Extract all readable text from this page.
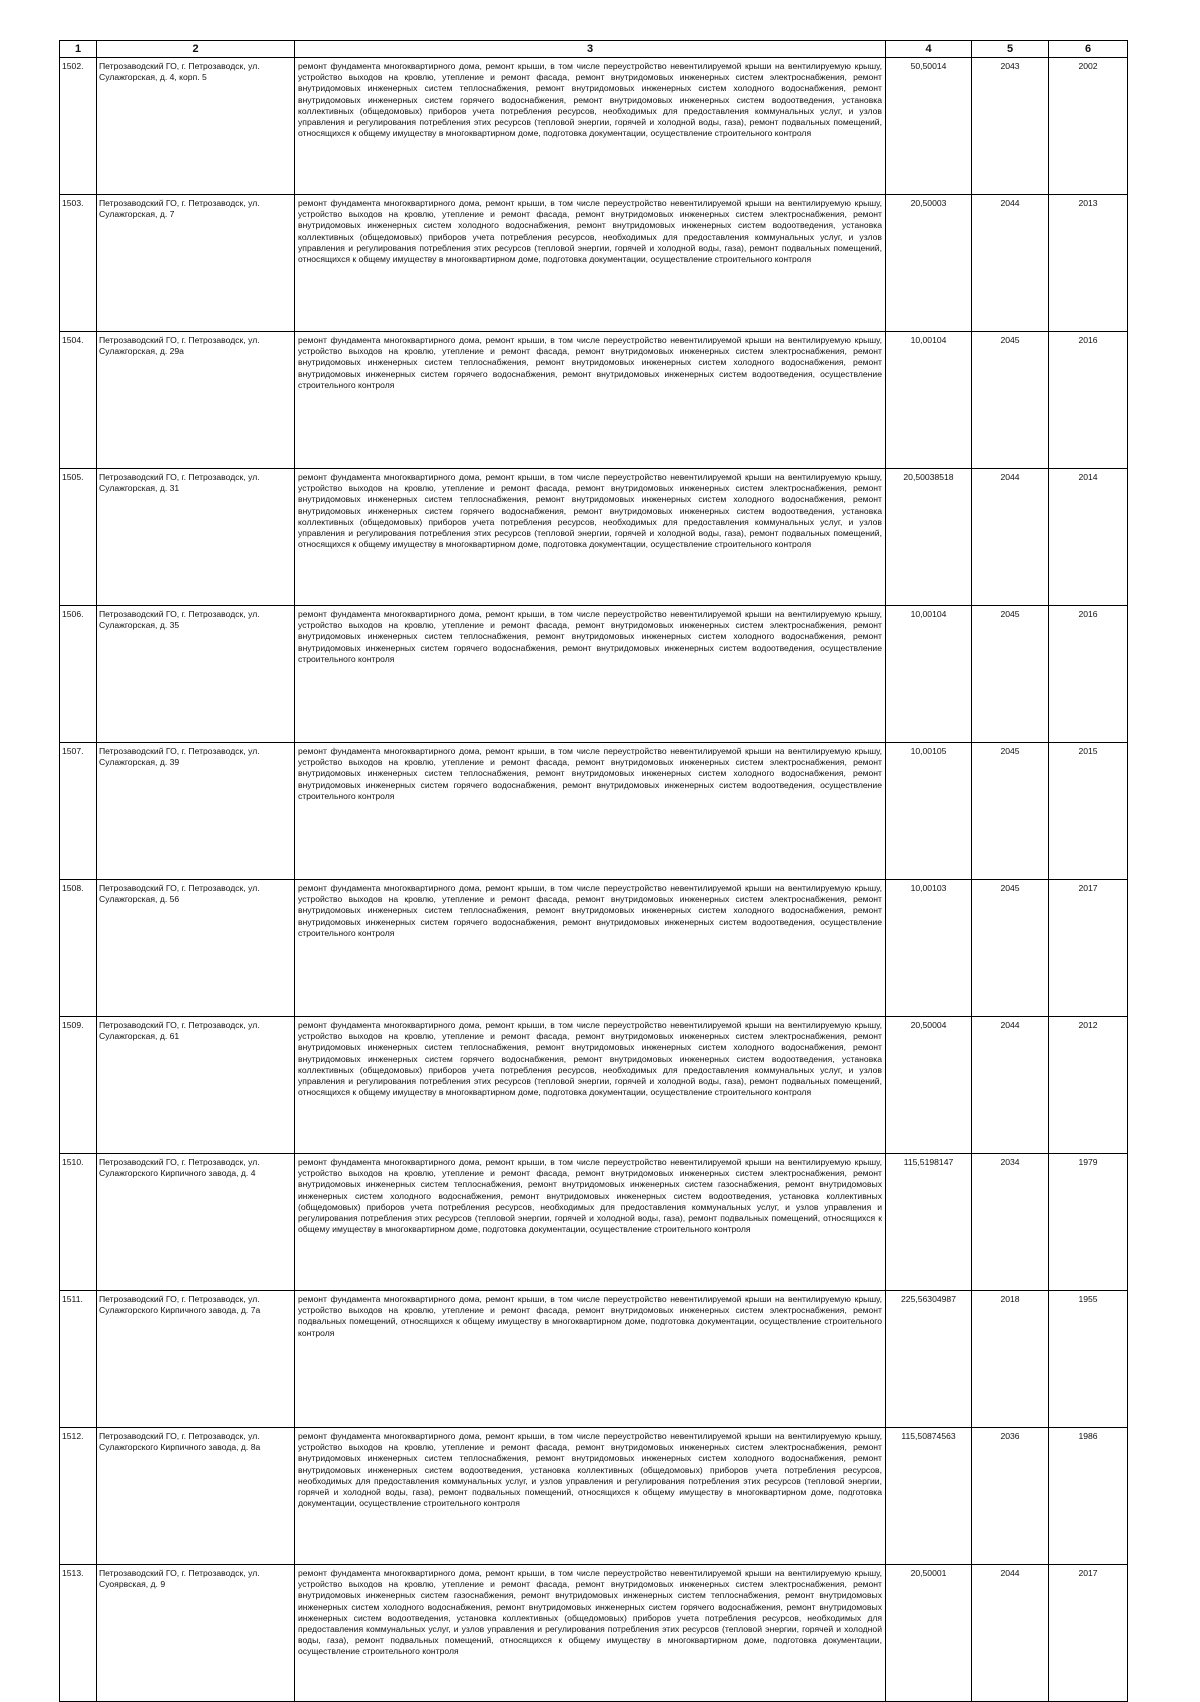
1	2	3	4	5	6
1502.	Петрозаводский ГО, г. Петрозаводск, ул. Сулажгорская, д. 4, корп. 5	ремонт фундамента многоквартирного дома, ремонт крыши, в том числе переустройство невентилируемой крыши на вентилируемую крышу, устройство выходов на кровлю, утепление и ремонт фасада, ремонт внутридомовых инженерных систем электроснабжения, ремонт внутридомовых инженерных систем теплоснабжения, ремонт внутридомовых инженерных систем холодного водоснабжения, ремонт внутридомовых инженерных систем горячего водоснабжения, ремонт внутридомовых инженерных систем водоотведения, установка коллективных (общедомовых) приборов учета потребления ресурсов, необходимых для предоставления коммунальных услуг, и узлов управления и регулирования потребления этих ресурсов (тепловой энергии, горячей и холодной воды, газа), ремонт подвальных помещений, относящихся к общему имуществу в многоквартирном доме, подготовка документации, осуществление строительного контроля	50,50014	2043	2002
1503.	Петрозаводский ГО, г. Петрозаводск, ул. Сулажгорская, д. 7	ремонт фундамента многоквартирного дома, ремонт крыши, в том числе переустройство невентилируемой крыши на вентилируемую крышу, устройство выходов на кровлю, утепление и ремонт фасада, ремонт внутридомовых инженерных систем электроснабжения, ремонт внутридомовых инженерных систем холодного водоснабжения, ремонт внутридомовых инженерных систем водоотведения, установка коллективных (общедомовых) приборов учета потребления ресурсов, необходимых для предоставления коммунальных услуг, и узлов управления и регулирования потребления этих ресурсов (тепловой энергии, горячей и холодной воды, газа), ремонт подвальных помещений, относящихся к общему имуществу в многоквартирном доме, подготовка документации, осуществление строительного контроля	20,50003	2044	2013
1504.	Петрозаводский ГО, г. Петрозаводск, ул. Сулажгорская, д. 29а	ремонт фундамента многоквартирного дома, ремонт крыши, в том числе переустройство невентилируемой крыши на вентилируемую крышу, устройство выходов на кровлю, утепление и ремонт фасада, ремонт внутридомовых инженерных систем электроснабжения, ремонт внутридомовых инженерных систем теплоснабжения, ремонт внутридомовых инженерных систем холодного водоснабжения, ремонт внутридомовых инженерных систем горячего водоснабжения, ремонт внутридомовых инженерных систем водоотведения, осуществление строительного контроля	10,00104	2045	2016
1505.	Петрозаводский ГО, г. Петрозаводск, ул. Сулажгорская, д. 31	ремонт фундамента многоквартирного дома, ремонт крыши, в том числе переустройство невентилируемой крыши на вентилируемую крышу, устройство выходов на кровлю, утепление и ремонт фасада, ремонт внутридомовых инженерных систем электроснабжения, ремонт внутридомовых инженерных систем теплоснабжения, ремонт внутридомовых инженерных систем холодного водоснабжения, ремонт внутридомовых инженерных систем горячего водоснабжения, ремонт внутридомовых инженерных систем водоотведения, установка коллективных (общедомовых) приборов учета потребления ресурсов, необходимых для предоставления коммунальных услуг, и узлов управления и регулирования потребления этих ресурсов (тепловой энергии, горячей и холодной воды, газа), ремонт подвальных помещений, относящихся к общему имуществу в многоквартирном доме, подготовка документации, осуществление строительного контроля	20,50038518	2044	2014
1506.	Петрозаводский ГО, г. Петрозаводск, ул. Сулажгорская, д. 35	ремонт фундамента многоквартирного дома, ремонт крыши, в том числе переустройство невентилируемой крыши на вентилируемую крышу, устройство выходов на кровлю, утепление и ремонт фасада, ремонт внутридомовых инженерных систем электроснабжения, ремонт внутридомовых инженерных систем теплоснабжения, ремонт внутридомовых инженерных систем холодного водоснабжения, ремонт внутридомовых инженерных систем горячего водоснабжения, ремонт внутридомовых инженерных систем водоотведения, осуществление строительного контроля	10,00104	2045	2016
1507.	Петрозаводский ГО, г. Петрозаводск, ул. Сулажгорская, д. 39	ремонт фундамента многоквартирного дома, ремонт крыши, в том числе переустройство невентилируемой крыши на вентилируемую крышу, устройство выходов на кровлю, утепление и ремонт фасада, ремонт внутридомовых инженерных систем электроснабжения, ремонт внутридомовых инженерных систем теплоснабжения, ремонт внутридомовых инженерных систем холодного водоснабжения, ремонт внутридомовых инженерных систем горячего водоснабжения, ремонт внутридомовых инженерных систем водоотведения, осуществление строительного контроля	10,00105	2045	2015
1508.	Петрозаводский ГО, г. Петрозаводск, ул. Сулажгорская, д. 56	ремонт фундамента многоквартирного дома, ремонт крыши, в том числе переустройство невентилируемой крыши на вентилируемую крышу, устройство выходов на кровлю, утепление и ремонт фасада, ремонт внутридомовых инженерных систем электроснабжения, ремонт внутридомовых инженерных систем теплоснабжения, ремонт внутридомовых инженерных систем холодного водоснабжения, ремонт внутридомовых инженерных систем горячего водоснабжения, ремонт внутридомовых инженерных систем водоотведения, осуществление строительного контроля	10,00103	2045	2017
1509.	Петрозаводский ГО, г. Петрозаводск, ул. Сулажгорская, д. 61	ремонт фундамента многоквартирного дома, ремонт крыши, в том числе переустройство невентилируемой крыши на вентилируемую крышу, устройство выходов на кровлю, утепление и ремонт фасада, ремонт внутридомовых инженерных систем электроснабжения, ремонт внутридомовых инженерных систем теплоснабжения, ремонт внутридомовых инженерных систем холодного водоснабжения, ремонт внутридомовых инженерных систем горячего водоснабжения, ремонт внутридомовых инженерных систем водоотведения, установка коллективных (общедомовых) приборов учета потребления ресурсов, необходимых для предоставления коммунальных услуг, и узлов управления и регулирования потребления этих ресурсов (тепловой энергии, горячей и холодной воды, газа), ремонт подвальных помещений, относящихся к общему имуществу в многоквартирном доме, подготовка документации, осуществление строительного контроля	20,50004	2044	2012
1510.	Петрозаводский ГО, г. Петрозаводск, ул. Сулажгорского Кирпичного завода, д. 4	ремонт фундамента многоквартирного дома, ремонт крыши, в том числе переустройство невентилируемой крыши на вентилируемую крышу, устройство выходов на кровлю, утепление и ремонт фасада, ремонт внутридомовых инженерных систем электроснабжения, ремонт внутридомовых инженерных систем теплоснабжения, ремонт внутридомовых инженерных систем газоснабжения, ремонт внутридомовых инженерных систем холодного водоснабжения, ремонт внутридомовых инженерных систем водоотведения, установка коллективных (общедомовых) приборов учета потребления ресурсов, необходимых для предоставления коммунальных услуг, и узлов управления и регулирования потребления этих ресурсов (тепловой энергии, горячей и холодной воды, газа), ремонт подвальных помещений, относящихся к общему имуществу в многоквартирном доме, подготовка документации, осуществление строительного контроля	115,5198147	2034	1979
1511.	Петрозаводский ГО, г. Петрозаводск, ул. Сулажгорского Кирпичного завода, д. 7а	ремонт фундамента многоквартирного дома, ремонт крыши, в том числе переустройство невентилируемой крыши на вентилируемую крышу, устройство выходов на кровлю, утепление и ремонт фасада, ремонт внутридомовых инженерных систем электроснабжения, ремонт подвальных помещений, относящихся к общему имуществу в многоквартирном доме, подготовка документации, осуществление строительного контроля	225,56304987	2018	1955
1512.	Петрозаводский ГО, г. Петрозаводск, ул. Сулажгорского Кирпичного завода, д. 8а	ремонт фундамента многоквартирного дома, ремонт крыши, в том числе переустройство невентилируемой крыши на вентилируемую крышу, устройство выходов на кровлю, утепление и ремонт фасада, ремонт внутридомовых инженерных систем электроснабжения, ремонт внутридомовых инженерных систем теплоснабжения, ремонт внутридомовых инженерных систем холодного водоснабжения, ремонт внутридомовых инженерных систем водоотведения, установка коллективных (общедомовых) приборов учета потребления ресурсов, необходимых для предоставления коммунальных услуг, и узлов управления и регулирования потребления этих ресурсов (тепловой энергии, горячей и холодной воды, газа), ремонт подвальных помещений, относящихся к общему имуществу в многоквартирном доме, подготовка документации, осуществление строительного контроля	115,50874563	2036	1986
1513.	Петрозаводский ГО, г. Петрозаводск, ул. Суоярвская, д. 9	ремонт фундамента многоквартирного дома, ремонт крыши, в том числе переустройство невентилируемой крыши на вентилируемую крышу, устройство выходов на кровлю, утепление и ремонт фасада, ремонт внутридомовых инженерных систем электроснабжения, ремонт внутридомовых инженерных систем газоснабжения, ремонт внутридомовых инженерных систем теплоснабжения, ремонт внутридомовых инженерных систем холодного водоснабжения, ремонт внутридомовых инженерных систем горячего водоснабжения, ремонт внутридомовых инженерных систем водоотведения, установка коллективных (общедомовых) приборов учета потребления ресурсов, необходимых для предоставления коммунальных услуг, и узлов управления и регулирования потребления этих ресурсов (тепловой энергии, горячей и холодной воды, газа), ремонт подвальных помещений, относящихся к общему имуществу в многоквартирном доме, подготовка документации, осуществление строительного контроля	20,50001	2044	2017
